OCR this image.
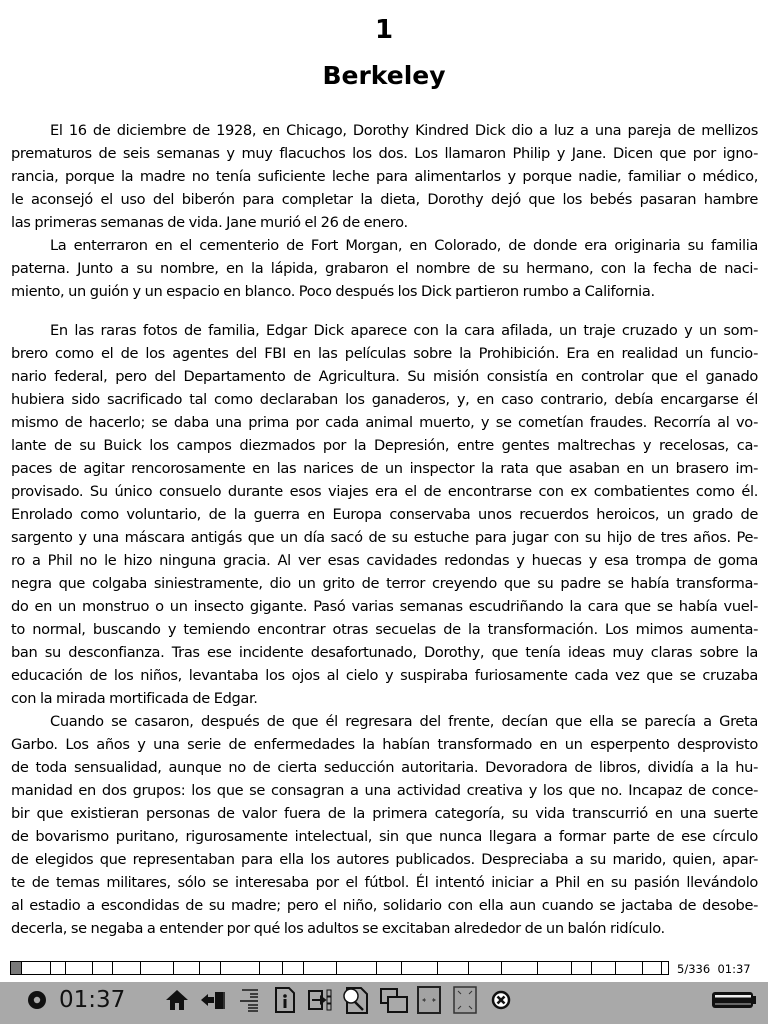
1
Berkeley
El 16 de diciembre de 1928, en Chicago, Dorothy Kindred Dick dio a luz a una pareja de mellizos
prematuros de seis semanas y muy flacuchos los dos. Los llamaron Philip y Jane. Dicen que por igno-
rancia, porque la madre no tenía suficiente leche para alimentarlos y porque nadie, familiar o médico,
le aconsejó el uso del biberón para completar la dieta, Dorothy dejó que los bebés pasaran hambre
las primeras semanas de vida. Jane murió el 26 de enero.
La enterraron en el cementerio de Fort Morgan, en Colorado, de donde era originaria su familia
paterna. Junto a su nombre, en la lápida, grabaron el nombre de su hermano, con la fecha de naci-
miento, un guión y un espacio en blanco. Poco después los Dick partieron rumbo a California.
En las raras fotos de familia, Edgar Dick aparece con la cara afilada, un traje cruzado y un som-
brero como el de los agentes del FBI en las películas sobre la Prohibición. Era en realidad un funcio-
nario federal, pero del Departamento de Agricultura. Su misión consistía en controlar que el ganado
hubiera sido sacrificado tal como declaraban los ganaderos, y, en caso contrario, debía encargarse él
mismo de hacerlo; se daba una prima por cada animal muerto, y se cometían fraudes. Recorría al vo-
lante de su Buick los campos diezmados por la Depresión, entre gentes maltrechas y recelosas, ca-
paces de agitar rencorosamente en las narices de un inspector la rata que asaban en un brasero im-
provisado. Su único consuelo durante esos viajes era el de encontrarse con ex combatientes como él.
Enrolado como voluntario, de la guerra en Europa conservaba unos recuerdos heroicos, un grado de
sargento y una máscara antigás que un día sacó de su estuche para jugar con su hijo de tres años. Pe-
ro a Phil no le hizo ninguna gracia. Al ver esas cavidades redondas y huecas y esa trompa de goma
negra que colgaba siniestramente, dio un grito de terror creyendo que su padre se había transforma-
do en un monstruo o un insecto gigante. Pasó varias semanas escudriñando la cara que se había vuel-
to normal, buscando y temiendo encontrar otras secuelas de la transformación. Los mimos aumenta-
ban su desconfianza. Tras ese incidente desafortunado, Dorothy, que tenía ideas muy claras sobre la
educación de los niños, levantaba los ojos al cielo y suspiraba furiosamente cada vez que se cruzaba
con la mirada mortificada de Edgar.
Cuando se casaron, después de que él regresara del frente, decían que ella se parecía a Greta
Garbo. Los años y una serie de enfermedades la habían transformado en un esperpento desprovisto
de toda sensualidad, aunque no de cierta seducción autoritaria. Devoradora de libros, dividía a la hu-
manidad en dos grupos: los que se consagran a una actividad creativa y los que no. Incapaz de conce-
bir que existieran personas de valor fuera de la primera categoría, su vida transcurrió en una suerte
de bovarismo puritano, rigurosamente intelectual, sin que nunca llegara a formar parte de ese círculo
de elegidos que representaban para ella los autores publicados. Despreciaba a su marido, quien, apar-
te de temas militares, sólo se interesaba por el fútbol. Él intentó iniciar a Phil en su pasión llevándolo
al estadio a escondidas de su madre; pero el niño, solidario con ella aun cuando se jactaba de desobe-
decerla, se negaba a entender por qué los adultos se excitaban alrededor de un balón ridículo.
5/336 01:37
01:37
